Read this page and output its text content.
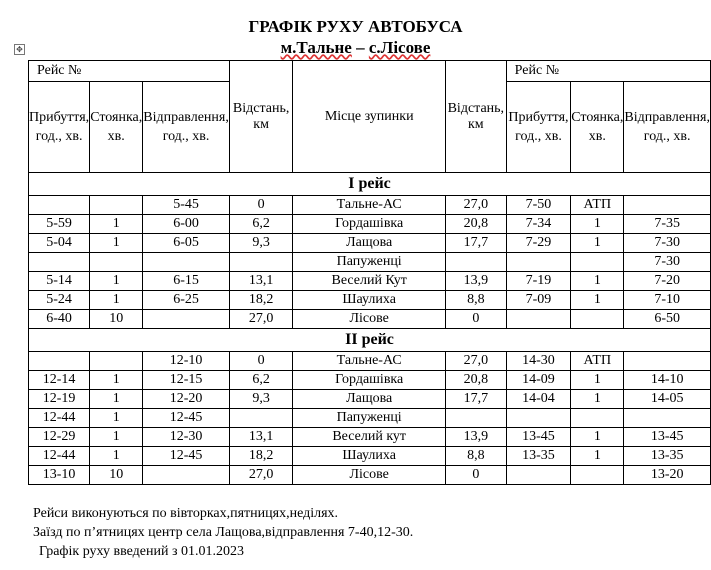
ГРАФІК РУХУ АВТОБУСА
м.Тальне – с.Лісове
✥
Рейс №			Відстань, км	Місце зупинки	Відстань, км	Рейс №		
Прибуття, год., хв.	Стоянка, хв.	Відправлення, год., хв.				Прибуття, год., хв.	Стоянка, хв.	Відправлення, год., хв.
І рейс								
		5-45	0	Тальне-АС	27,0	7-50	АТП	
5-59	1	6-00	6,2	Гордашівка	20,8	7-34	1	7-35
5-04	1	6-05	9,3	Лащова	17,7	7-29	1	7-30
				Папуженці				7-30
5-14	1	6-15	13,1	Веселий Кут	13,9	7-19	1	7-20
5-24	1	6-25	18,2	Шаулиха	8,8	7-09	1	7-10
6-40	10		27,0	Лісове	0			6-50
ІІ рейс								
		12-10	0	Тальне-АС	27,0	14-30	АТП	
12-14	1	12-15	6,2	Гордашівка	20,8	14-09	1	14-10
12-19	1	12-20	9,3	Лащова	17,7	14-04	1	14-05
12-44	1	12-45		Папуженці				
12-29	1	12-30	13,1	Веселий кут	13,9	13-45	1	13-45
12-44	1	12-45	18,2	Шаулиха	8,8	13-35	1	13-35
13-10	10		27,0	Лісове	0			13-20
Рейси виконуються по вівторках,пятницях,неділях.
Заїзд по п’ятницях центр села Лащова,відправлення 7-40,12-30.
Графік руху введений з 01.01.2023
